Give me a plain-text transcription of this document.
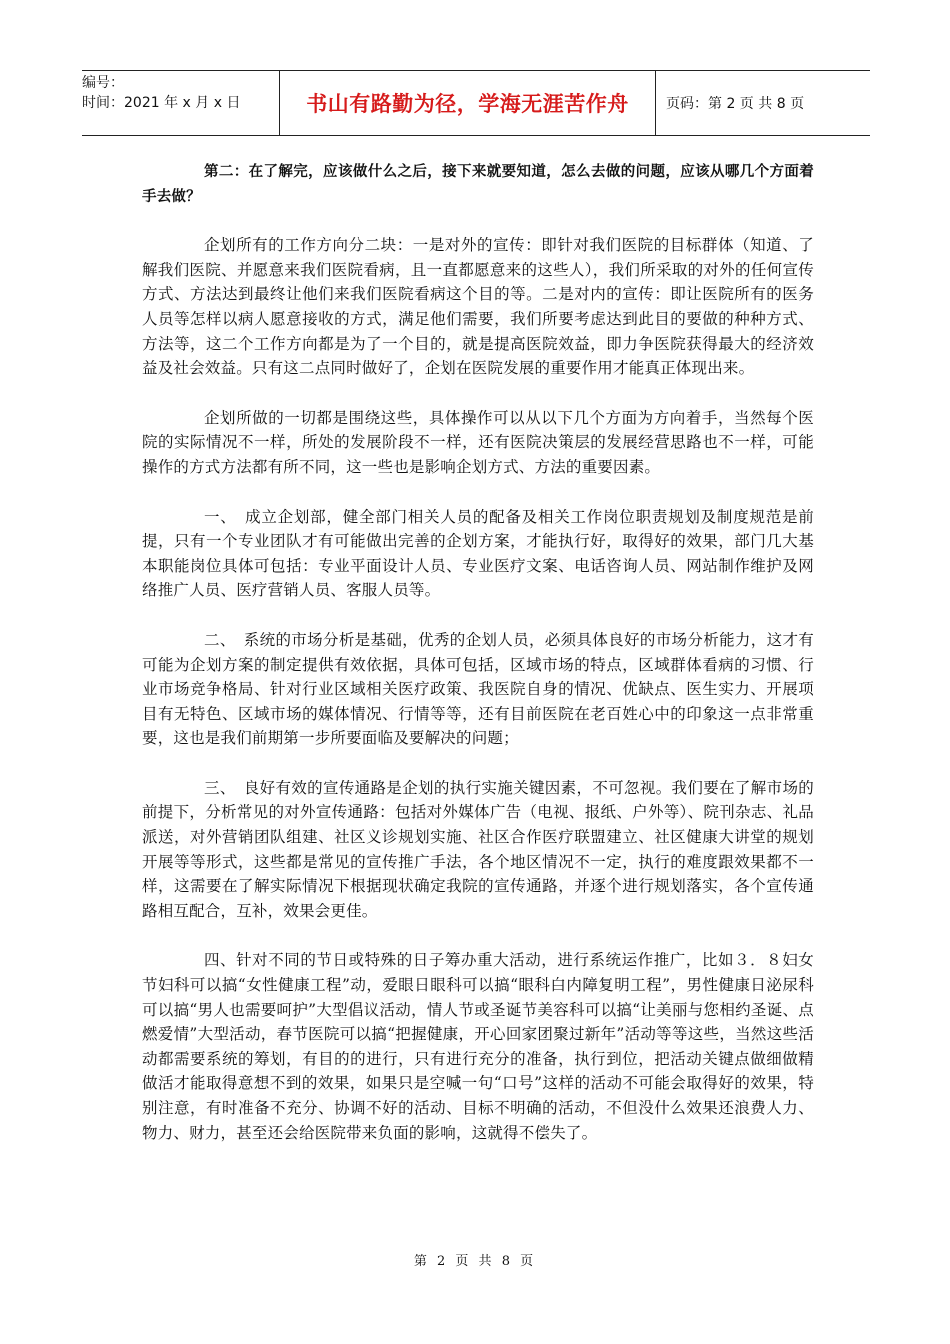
编号：
时间：2021 年 x 月 x 日	书山有路勤为径，学海无涯苦作舟	页码：第 2 页 共 8 页

第二：在了解完，应该做什么之后，接下来就要知道，怎么去做的问题，应该从哪几个方面着手去做？

企划所有的工作方向分二块：一是对外的宣传：即针对我们医院的目标群体（知道、了解我们医院、并愿意来我们医院看病，且一直都愿意来的这些人），我们所采取的对外的任何宣传方式、方法达到最终让他们来我们医院看病这个目的等。二是对内的宣传：即让医院所有的医务人员等怎样以病人愿意接收的方式，满足他们需要，我们所要考虑达到此目的要做的种种方式、方法等，这二个工作方向都是为了一个目的，就是提高医院效益，即力争医院获得最大的经济效益及社会效益。只有这二点同时做好了，企划在医院发展的重要作用才能真正体现出来。

企划所做的一切都是围绕这些，具体操作可以从以下几个方面为方向着手，当然每个医院的实际情况不一样，所处的发展阶段不一样，还有医院决策层的发展经营思路也不一样，可能操作的方式方法都有所不同，这一些也是影响企划方式、方法的重要因素。

一、　成立企划部，健全部门相关人员的配备及相关工作岗位职责规划及制度规范是前提，只有一个专业团队才有可能做出完善的企划方案，才能执行好，取得好的效果，部门几大基本职能岗位具体可包括：专业平面设计人员、专业医疗文案、电话咨询人员、网站制作维护及网络推广人员、医疗营销人员、客服人员等。

二、　系统的市场分析是基础，优秀的企划人员，必须具体良好的市场分析能力，这才有可能为企划方案的制定提供有效依据，具体可包括，区域市场的特点，区域群体看病的习惯、行业市场竞争格局、针对行业区域相关医疗政策、我医院自身的情况、优缺点、医生实力、开展项目有无特色、区域市场的媒体情况、行情等等，还有目前医院在老百姓心中的印象这一点非常重要，这也是我们前期第一步所要面临及要解决的问题；

三、　良好有效的宣传通路是企划的执行实施关键因素，不可忽视。我们要在了解市场的前提下，分析常见的对外宣传通路：包括对外媒体广告（电视、报纸、户外等）、院刊杂志、礼品派送，对外营销团队组建、社区义诊规划实施、社区合作医疗联盟建立、社区健康大讲堂的规划开展等等形式，这些都是常见的宣传推广手法，各个地区情况不一定，执行的难度跟效果都不一样，这需要在了解实际情况下根据现状确定我院的宣传通路，并逐个进行规划落实，各个宣传通路相互配合，互补，效果会更佳。

四、针对不同的节日或特殊的日子筹办重大活动，进行系统运作推广，比如３．８妇女节妇科可以搞“女性健康工程”动，爱眼日眼科可以搞“眼科白内障复明工程”，男性健康日泌尿科可以搞“男人也需要呵护”大型倡议活动，情人节或圣诞节美容科可以搞“让美丽与您相约圣诞、点燃爱情”大型活动，春节医院可以搞“把握健康，开心回家团聚过新年”活动等等这些，当然这些活动都需要系统的筹划，有目的的进行，只有进行充分的准备，执行到位，把活动关键点做细做精做活才能取得意想不到的效果，如果只是空喊一句“口号”这样的活动不可能会取得好的效果，特别注意，有时准备不充分、协调不好的活动、目标不明确的活动，不但没什么效果还浪费人力、物力、财力，甚至还会给医院带来负面的影响，这就得不偿失了。

第 2 页 共 8 页
